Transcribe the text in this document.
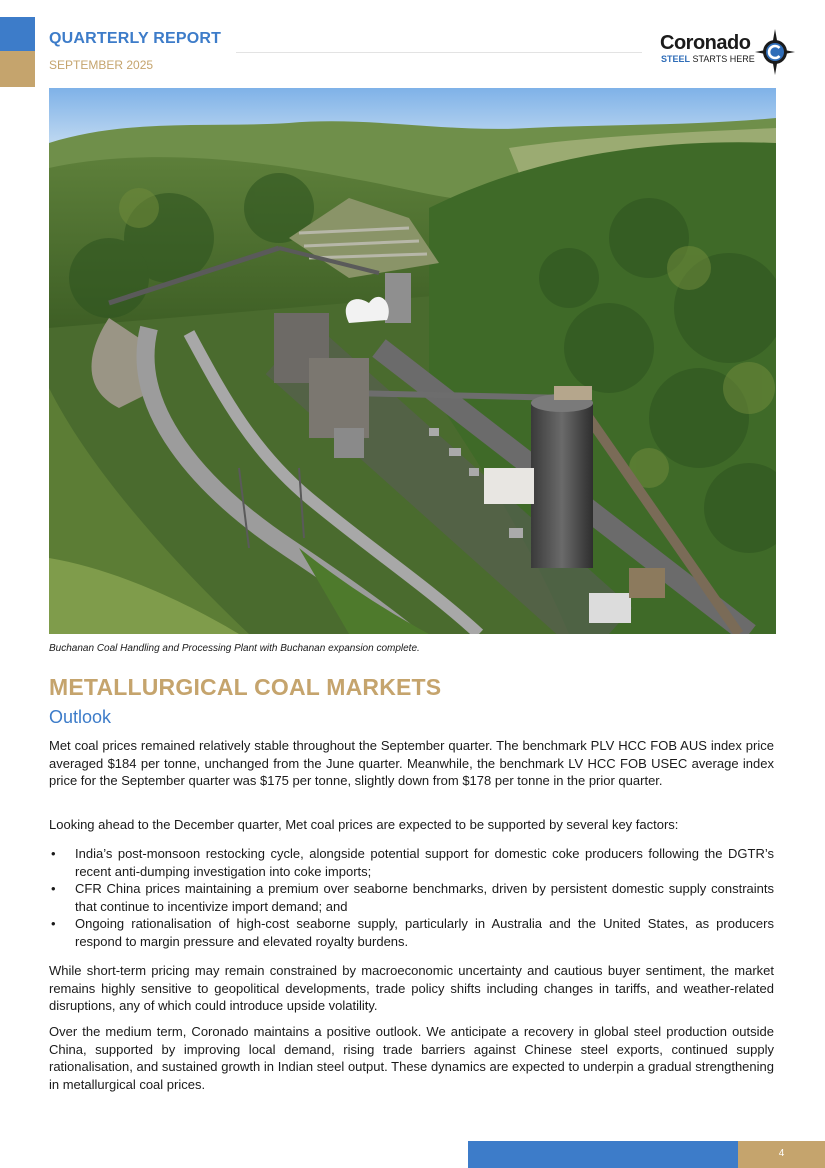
QUARTERLY REPORT
SEPTEMBER 2025
Coronado
STEEL STARTS HERE
Buchanan Coal Handling and Processing Plant with Buchanan expansion complete.
METALLURGICAL COAL MARKETS
Outlook
Met coal prices remained relatively stable throughout the September quarter. The benchmark PLV HCC FOB AUS index price averaged $184 per tonne, unchanged from the June quarter. Meanwhile, the benchmark LV HCC FOB USEC average index price for the September quarter was $175 per tonne, slightly down from $178 per tonne in the prior quarter.
Looking ahead to the December quarter, Met coal prices are expected to be supported by several key factors:
• India’s post-monsoon restocking cycle, alongside potential support for domestic coke producers following the DGTR’s recent anti-dumping investigation into coke imports;
• CFR China prices maintaining a premium over seaborne benchmarks, driven by persistent domestic supply constraints that continue to incentivize import demand; and
• Ongoing rationalisation of high-cost seaborne supply, particularly in Australia and the United States, as producers respond to margin pressure and elevated royalty burdens.
While short-term pricing may remain constrained by macroeconomic uncertainty and cautious buyer sentiment, the market remains highly sensitive to geopolitical developments, trade policy shifts including changes in tariffs, and weather-related disruptions, any of which could introduce upside volatility.
Over the medium term, Coronado maintains a positive outlook. We anticipate a recovery in global steel production outside China, supported by improving local demand, rising trade barriers against Chinese steel exports, continued supply rationalisation, and sustained growth in Indian steel output. These dynamics are expected to underpin a gradual strengthening in metallurgical coal prices.
4
